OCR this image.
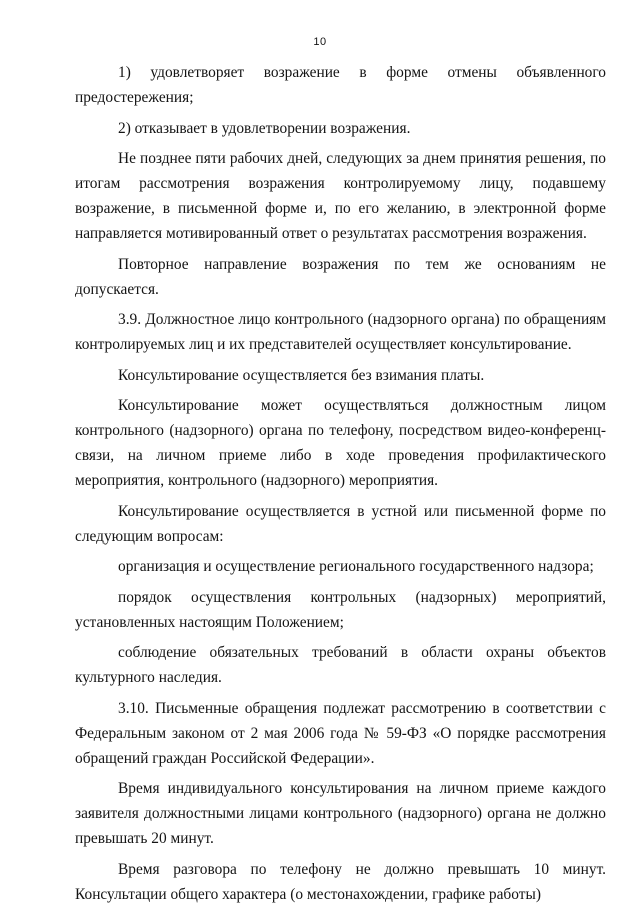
10

1) удовлетворяет возражение в форме отмены объявленного предостережения;

2) отказывает в удовлетворении возражения.

Не позднее пяти рабочих дней, следующих за днем принятия решения, по итогам рассмотрения возражения контролируемому лицу, подавшему возражение, в письменной форме и, по его желанию, в электронной форме направляется мотивированный ответ о результатах рассмотрения возражения.

Повторное направление возражения по тем же основаниям не допускается.

3.9. Должностное лицо контрольного (надзорного органа) по обращениям контролируемых лиц и их представителей осуществляет консультирование.

Консультирование осуществляется без взимания платы.

Консультирование может осуществляться должностным лицом контрольного (надзорного) органа по телефону, посредством видео-конференц-связи, на личном приеме либо в ходе проведения профилактического мероприятия, контрольного (надзорного) мероприятия.

Консультирование осуществляется в устной или письменной форме по следующим вопросам:

организация и осуществление регионального государственного надзора;

порядок осуществления контрольных (надзорных) мероприятий, установленных настоящим Положением;

соблюдение обязательных требований в области охраны объектов культурного наследия.

3.10. Письменные обращения подлежат рассмотрению в соответствии с Федеральным законом от 2 мая 2006 года № 59-ФЗ «О порядке рассмотрения обращений граждан Российской Федерации».

Время индивидуального консультирования на личном приеме каждого заявителя должностными лицами контрольного (надзорного) органа не должно превышать 20 минут.

Время разговора по телефону не должно превышать 10 минут. Консультации общего характера (о местонахождении, графике работы)
